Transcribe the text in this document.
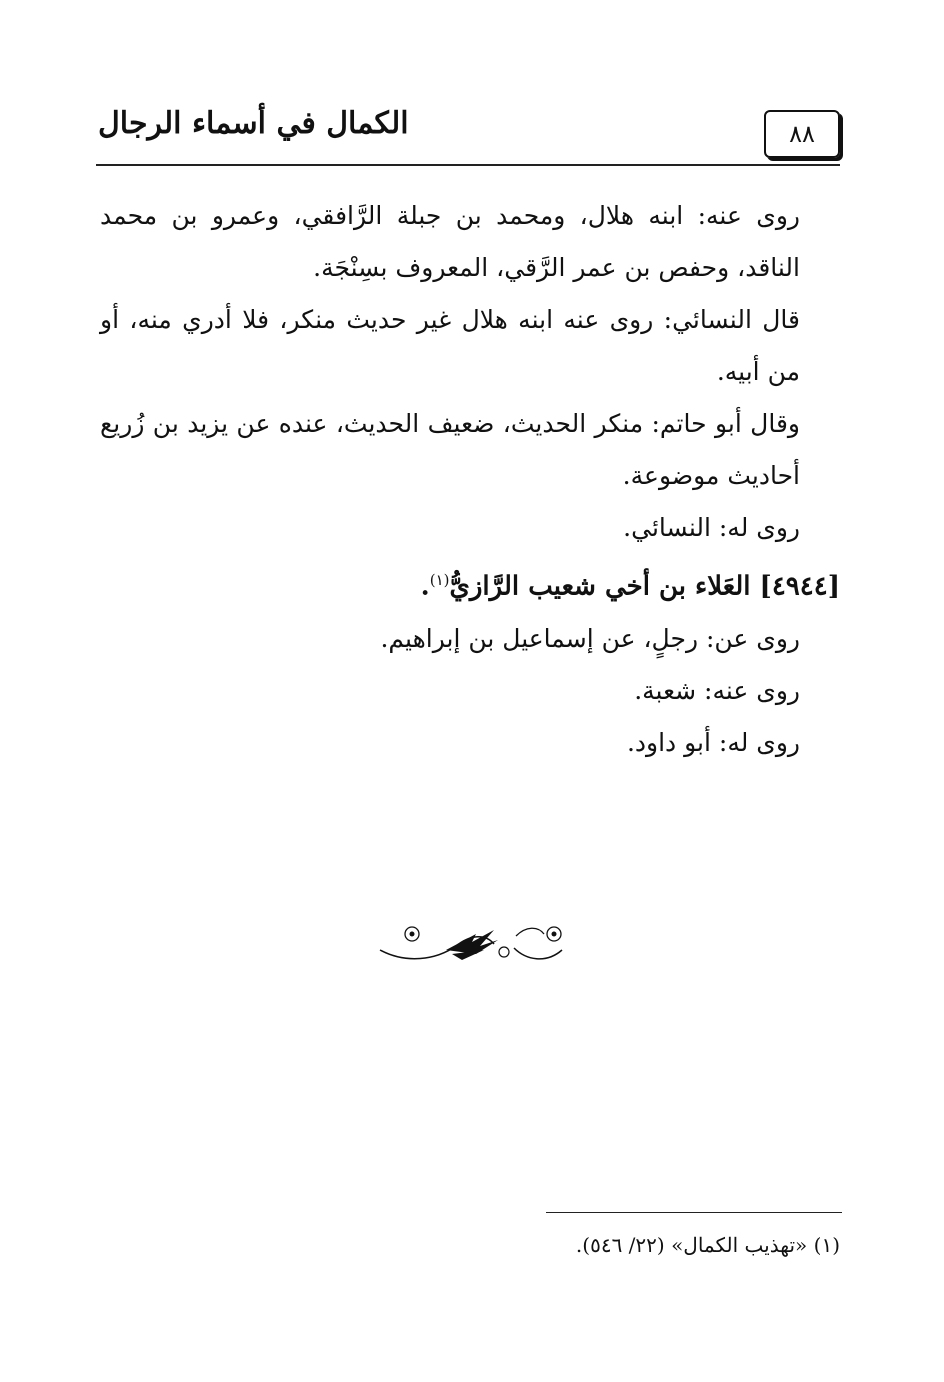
الكمال في أسماء الرجال	٨٨

روى عنه: ابنه هلال، ومحمد بن جبلة الرَّافقي، وعمرو بن محمد الناقد، وحفص بن عمر الرَّقي، المعروف بسِنْجَة.

قال النسائي: روى عنه ابنه هلال غير حديث منكر، فلا أدري منه، أو من أبيه.

وقال أبو حاتم: منكر الحديث، ضعيف الحديث، عنده عن يزيد بن زُريع أحاديث موضوعة.

روى له: النسائي.

[٤٩٤٤] العَلاء بن أخي شعيب الرَّازيُّ$^{(١)}$.

روى عن: رجلٍ، عن إسماعيل بن إبراهيم.

روى عنه: شعبة.

روى له: أبو داود.

(١) «تهذيب الكمال» (٢٢/ ٥٤٦).
